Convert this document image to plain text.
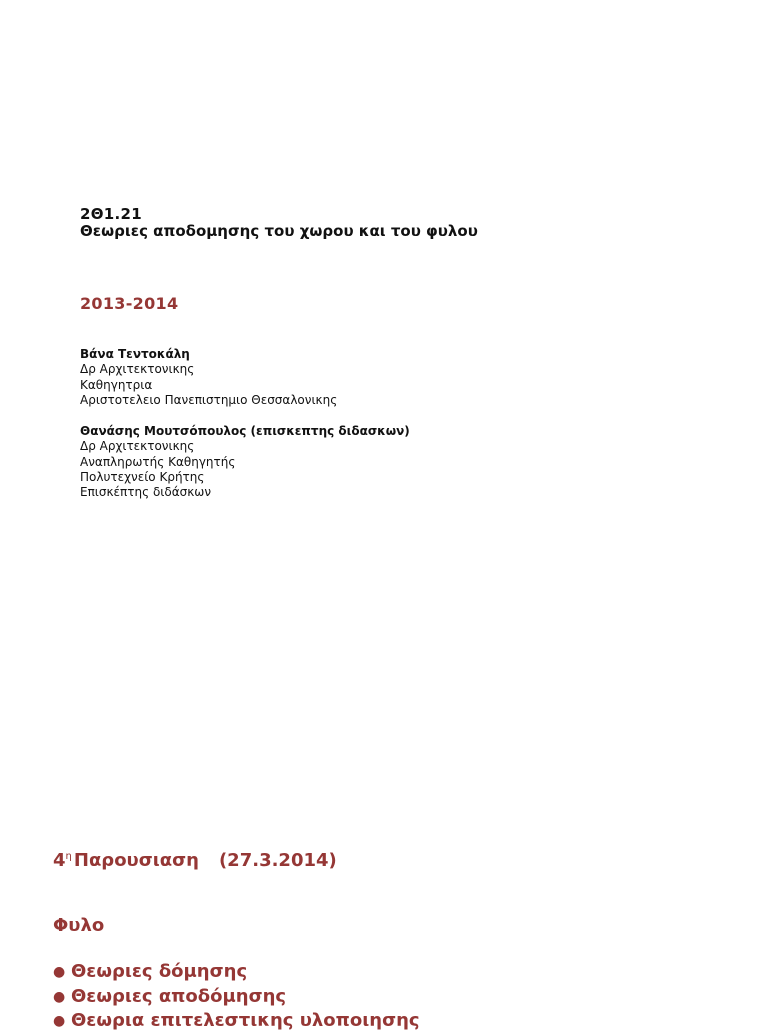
2Θ1.21
Θεωριες αποδομησης του χωρου και του φυλου
2013-2014
Βάνα Τεντοκάλη
Δρ Αρχιτεκτονικης
Καθηγητρια
Αριστοτελειο Πανεπιστημιο Θεσσαλονικης
Θανάσης Μουτσόπουλος (επισκεπτης διδασκων)
Δρ Αρχιτεκτονικης
Αναπληρωτής Καθηγητής
Πολυτεχνείο Κρήτης
Επισκέπτης διδάσκων
$4^\eta$ Παρουσιαση (27.3.2014)
Φυλο
● Θεωριες δόμησης
● Θεωριες αποδόμησης
● Θεωρια επιτελεστικης υλοποιησης
